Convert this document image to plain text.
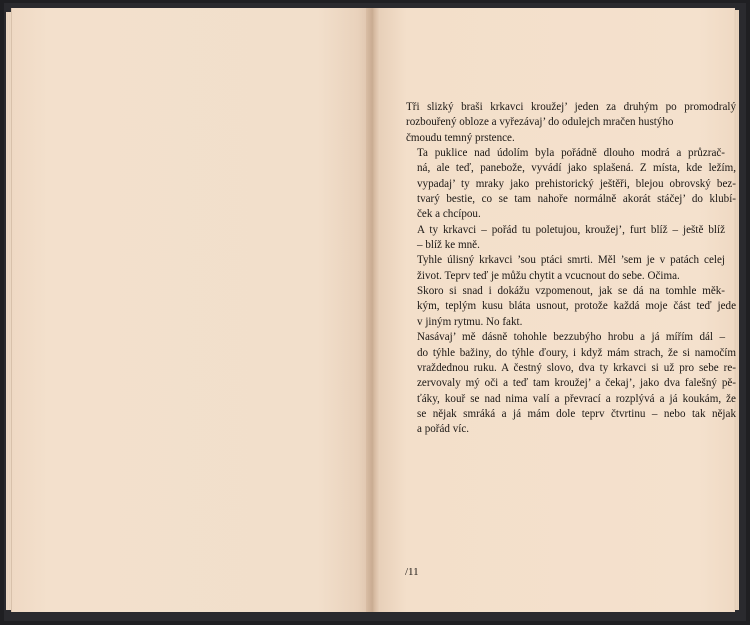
Tři slizký braši krkavci kroužej’ jeden za druhým po promodralý
rozbouřený obloze a vyřezávaj’ do odulejch mračen hustýho
čmoudu temný prstence.

Ta puklice nad údolím byla pořádně dlouho modrá a průzrač-
ná, ale teď, panebože, vyvádí jako splašená. Z místa, kde ležím,
vypadaj’ ty mraky jako prehistorický ještěři, blejou obrovský bez-
tvarý bestie, co se tam nahoře normálně akorát stáčej’ do klubí-
ček a chcípou.

A ty krkavci – pořád tu poletujou, kroužej’, furt blíž – ještě blíž
– blíž ke mně.

Tyhle úlisný krkavci ’sou ptáci smrti. Měl ’sem je v patách celej
život. Teprv teď je můžu chytit a vcucnout do sebe. Očima.

Skoro si snad i dokážu vzpomenout, jak se dá na tomhle měk-
kým, teplým kusu bláta usnout, protože každá moje část teď jede
v jiným rytmu. No fakt.

Nasávaj’ mě dásně tohohle bezzubýho hrobu a já mířím dál –
do týhle bažiny, do týhle ďoury, i když mám strach, že si namočím
vraždednou ruku. A čestný slovo, dva ty krkavci si už pro sebe re-
zervovaly mý oči a teď tam kroužej’ a čekaj’, jako dva falešný pě-
ťáky, kouř se nad nima valí a převrací a rozplývá a já koukám, že
se nějak smráká a já mám dole teprv čtvrtinu – nebo tak nějak
a pořád víc.

/11
